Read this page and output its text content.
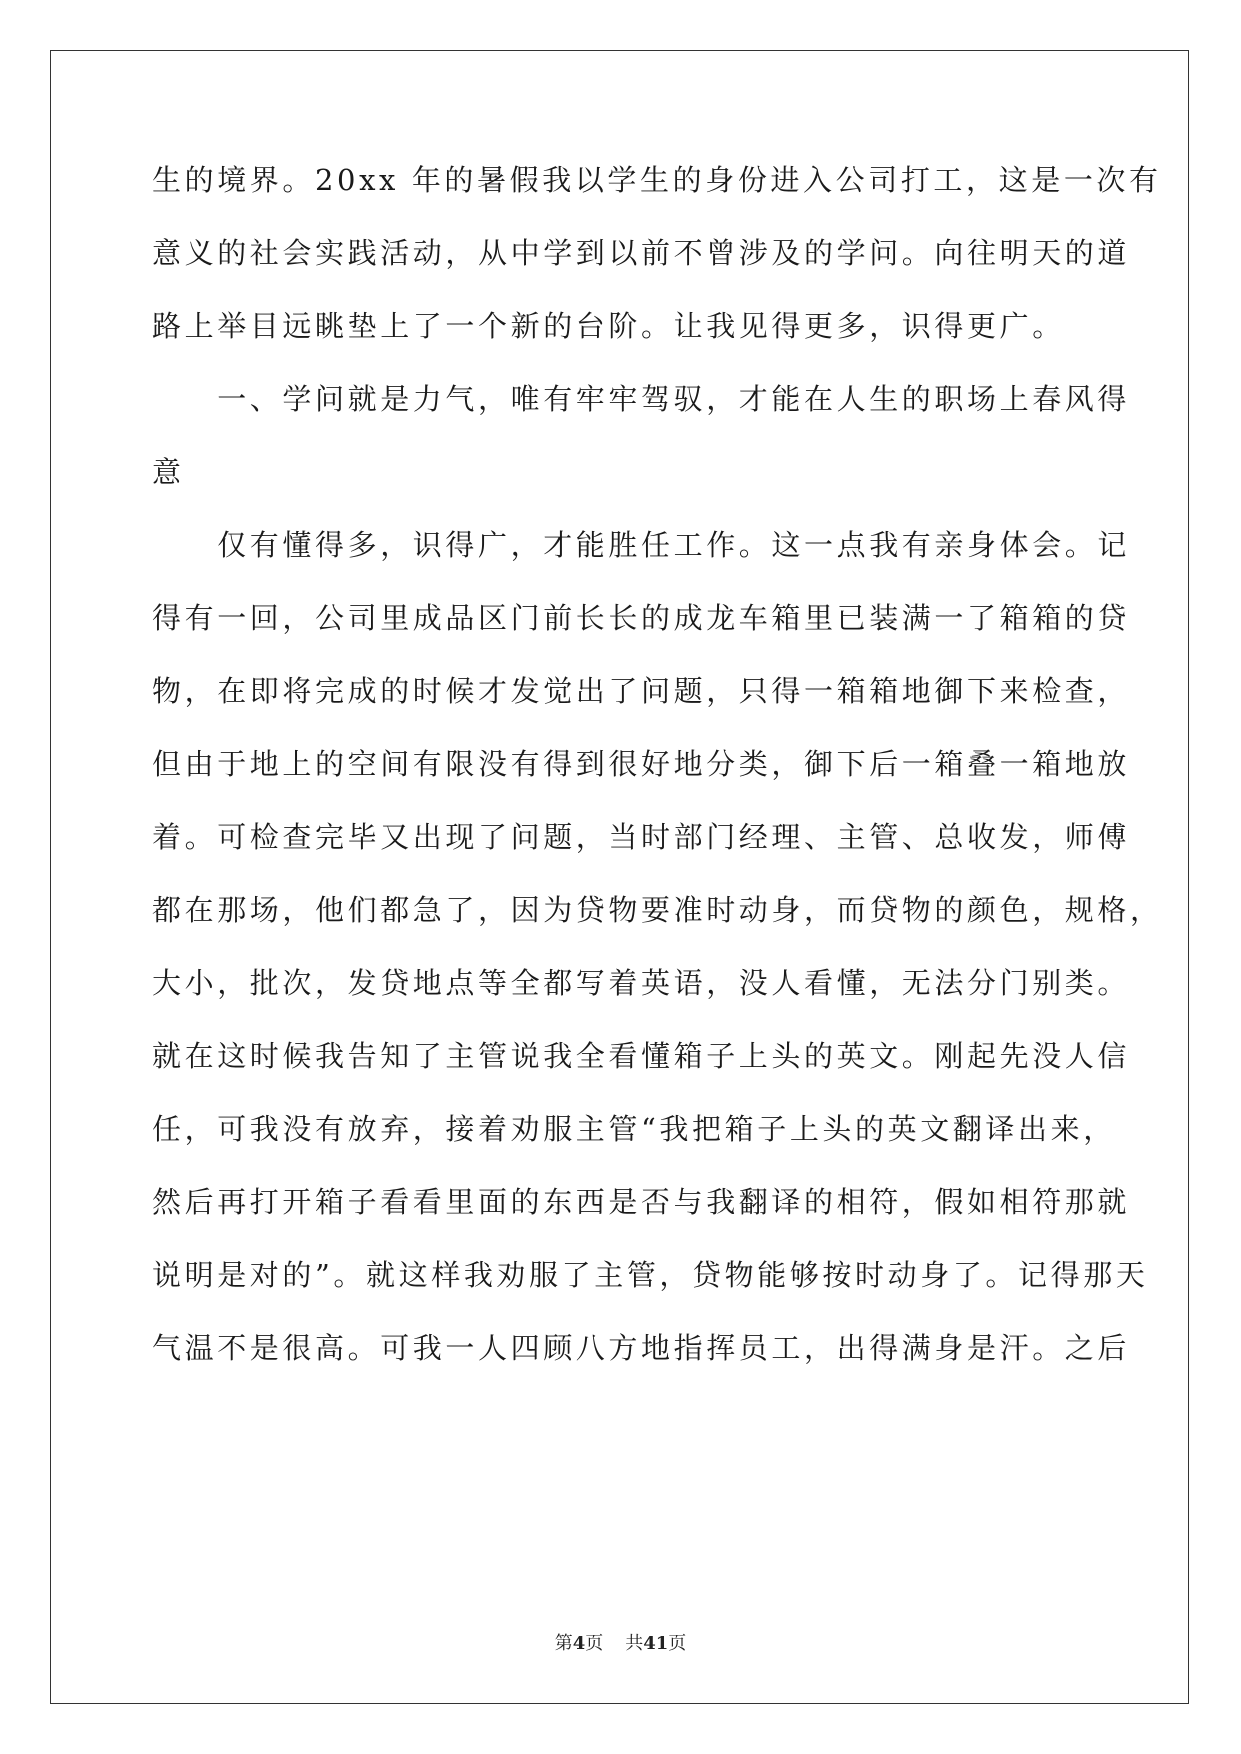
生的境界。20xx 年的暑假我以学生的身份进入公司打工，这是一次有
意义的社会实践活动，从中学到以前不曾涉及的学问。向往明天的道
路上举目远眺垫上了一个新的台阶。让我见得更多，识得更广。
　　一、学问就是力气，唯有牢牢驾驭，才能在人生的职场上春风得
意
　　仅有懂得多，识得广，才能胜任工作。这一点我有亲身体会。记
得有一回，公司里成品区门前长长的成龙车箱里已装满一了箱箱的贷
物，在即将完成的时候才发觉出了问题，只得一箱箱地御下来检查，
但由于地上的空间有限没有得到很好地分类，御下后一箱叠一箱地放
着。可检查完毕又出现了问题，当时部门经理、主管、总收发，师傅
都在那场，他们都急了，因为贷物要准时动身，而贷物的颜色，规格，
大小，批次，发贷地点等全都写着英语，没人看懂，无法分门别类。
就在这时候我告知了主管说我全看懂箱子上头的英文。刚起先没人信
任，可我没有放弃，接着劝服主管“我把箱子上头的英文翻译出来，
然后再打开箱子看看里面的东西是否与我翻译的相符，假如相符那就
说明是对的”。就这样我劝服了主管，贷物能够按时动身了。记得那天
气温不是很高。可我一人四顾八方地指挥员工，出得满身是汗。之后
第4页 共41页
